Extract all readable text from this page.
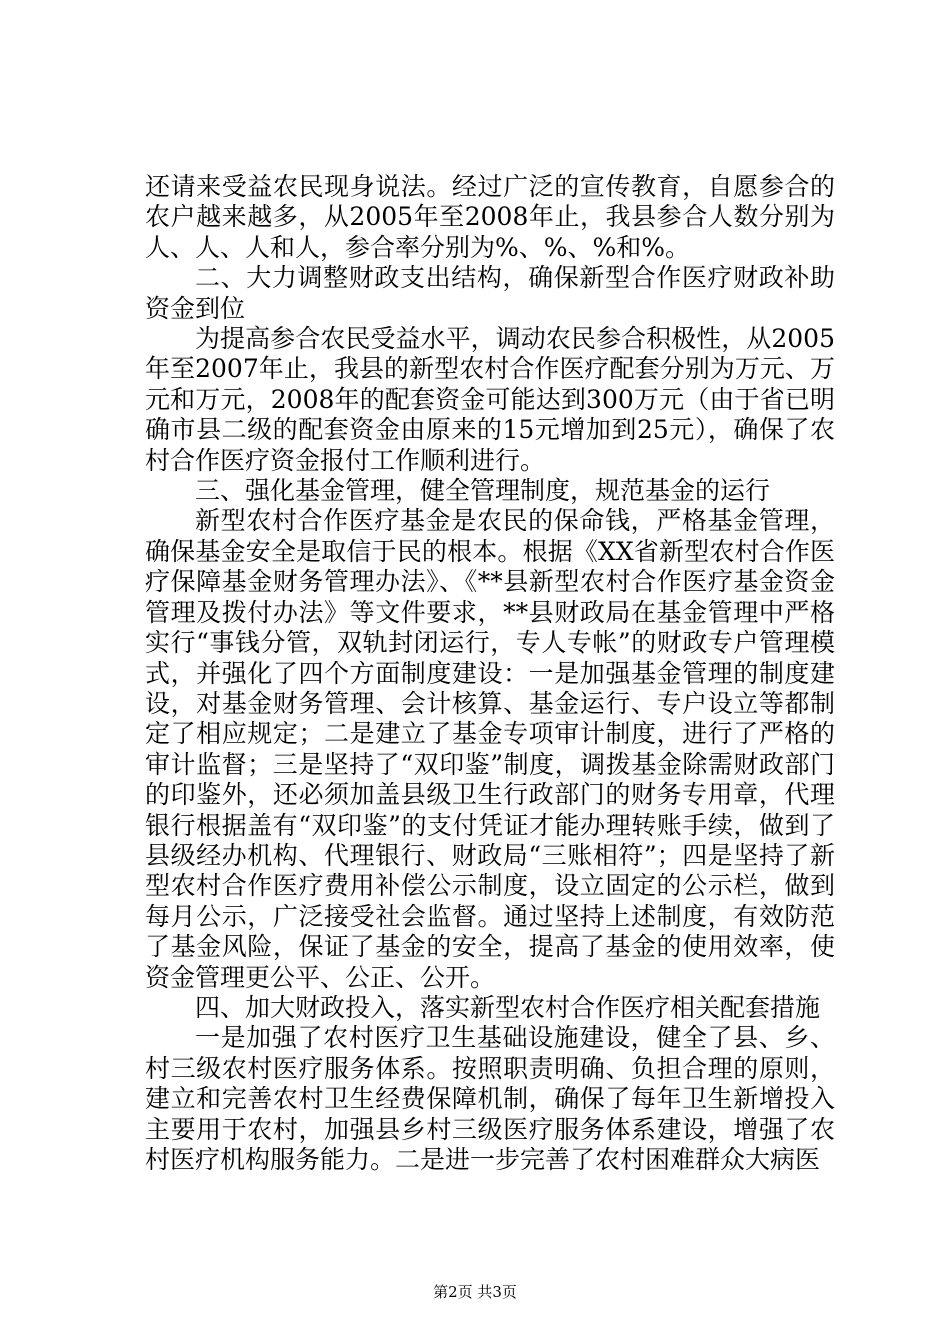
还请来受益农民现身说法。经过广泛的宣传教育，自愿参合的农户越来越多，从2005年至2008年止，我县参合人数分别为人、人、人和人，参合率分别为%、%、%和%。

二、大力调整财政支出结构，确保新型合作医疗财政补助资金到位

为提高参合农民受益水平，调动农民参合积极性，从2005年至2007年止，我县的新型农村合作医疗配套分别为万元、万元和万元，2008年的配套资金可能达到300万元（由于省已明确市县二级的配套资金由原来的15元增加到25元），确保了农村合作医疗资金报付工作顺利进行。

三、强化基金管理，健全管理制度，规范基金的运行

新型农村合作医疗基金是农民的保命钱，严格基金管理，确保基金安全是取信于民的根本。根据《XX省新型农村合作医疗保障基金财务管理办法》、《**县新型农村合作医疗基金资金管理及拨付办法》等文件要求，**县财政局在基金管理中严格实行“事钱分管，双轨封闭运行，专人专帐”的财政专户管理模式，并强化了四个方面制度建设：一是加强基金管理的制度建设，对基金财务管理、会计核算、基金运行、专户设立等都制定了相应规定；二是建立了基金专项审计制度，进行了严格的审计监督；三是坚持了“双印鉴”制度，调拨基金除需财政部门的印鉴外，还必须加盖县级卫生行政部门的财务专用章，代理银行根据盖有“双印鉴”的支付凭证才能办理转账手续，做到了县级经办机构、代理银行、财政局“三账相符”；四是坚持了新型农村合作医疗费用补偿公示制度，设立固定的公示栏，做到每月公示，广泛接受社会监督。通过坚持上述制度，有效防范了基金风险，保证了基金的安全，提高了基金的使用效率，使资金管理更公平、公正、公开。

四、加大财政投入，落实新型农村合作医疗相关配套措施

一是加强了农村医疗卫生基础设施建设，健全了县、乡、村三级农村医疗服务体系。按照职责明确、负担合理的原则，建立和完善农村卫生经费保障机制，确保了每年卫生新增投入主要用于农村，加强县乡村三级医疗服务体系建设，增强了农村医疗机构服务能力。二是进一步完善了农村困难群众大病医

第2页 共3页
